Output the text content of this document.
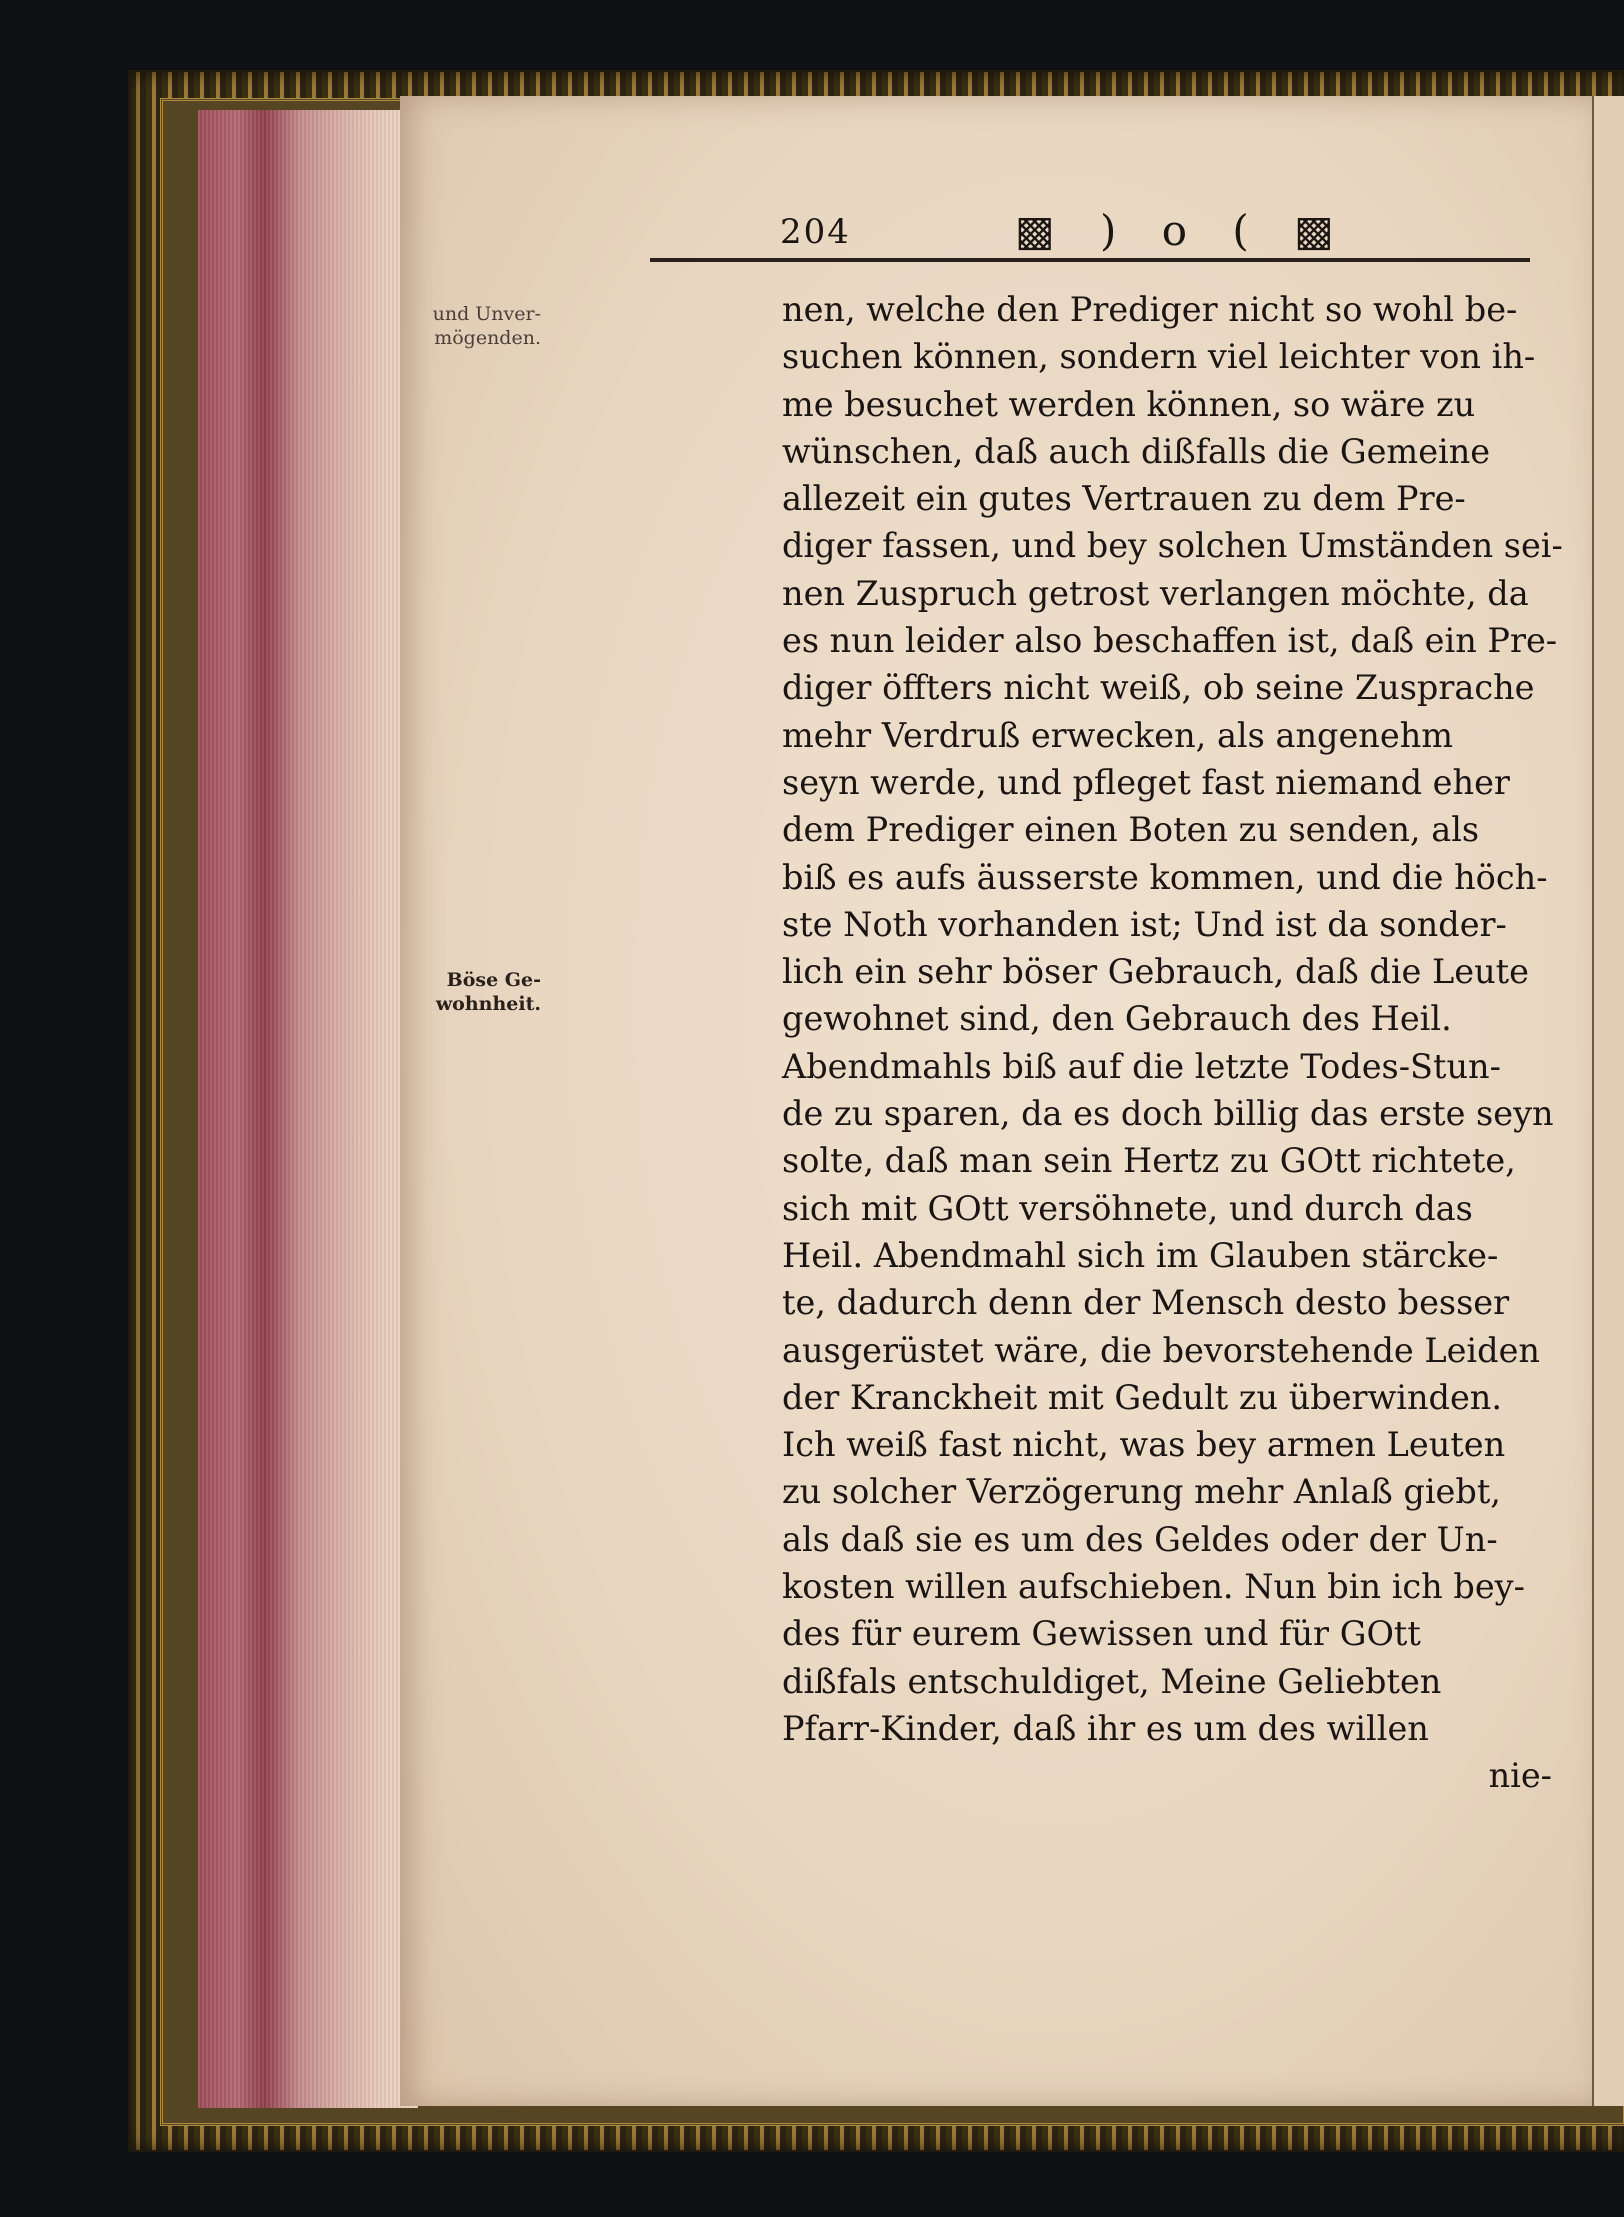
204	▩ ) o ( ▩
und Unver-
mögenden.
Böse Ge-
wohnheit.
nen, welche den Prediger nicht so wohl be-
suchen können, sondern viel leichter von ih-
me besuchet werden können, so wäre zu
wünschen, daß auch dißfalls die Gemeine
allezeit ein gutes Vertrauen zu dem Pre-
diger fassen, und bey solchen Umständen sei-
nen Zuspruch getrost verlangen möchte, da
es nun leider also beschaffen ist, daß ein Pre-
diger öffters nicht weiß, ob seine Zusprache
mehr Verdruß erwecken, als angenehm
seyn werde, und pfleget fast niemand eher
dem Prediger einen Boten zu senden, als
biß es aufs äusserste kommen, und die höch-
ste Noth vorhanden ist; Und ist da sonder-
lich ein sehr böser Gebrauch, daß die Leute
gewohnet sind, den Gebrauch des Heil.
Abendmahls biß auf die letzte Todes-Stun-
de zu sparen, da es doch billig das erste seyn
solte, daß man sein Hertz zu GOtt richtete,
sich mit GOtt versöhnete, und durch das
Heil. Abendmahl sich im Glauben stärcke-
te, dadurch denn der Mensch desto besser
ausgerüstet wäre, die bevorstehende Leiden
der Kranckheit mit Gedult zu überwinden.
Ich weiß fast nicht, was bey armen Leuten
zu solcher Verzögerung mehr Anlaß giebt,
als daß sie es um des Geldes oder der Un-
kosten willen aufschieben. Nun bin ich bey-
des für eurem Gewissen und für GOtt
dißfals entschuldiget, Meine Geliebten
Pfarr-Kinder, daß ihr es um des willen
nie-
